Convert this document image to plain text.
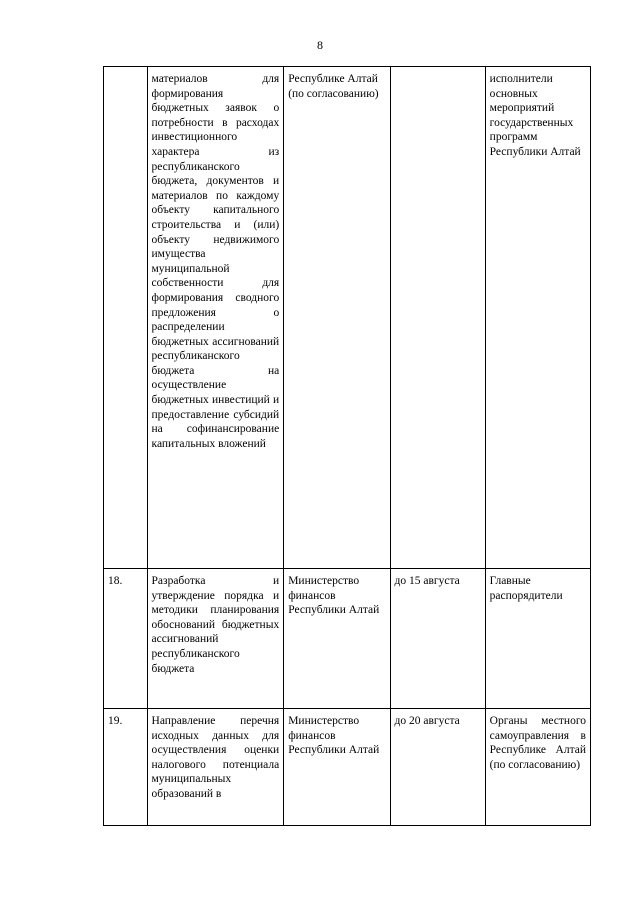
8

	материалов для формирования бюджетных заявок о потребности в расходах инвестиционного характера из республиканского бюджета, документов и материалов по каждому объекту капитального строительства и (или) объекту недвижимого имущества муниципальной собственности для формирования сводного предложения о распределении бюджетных ассигнований республиканского бюджета на осуществление бюджетных инвестиций и предоставление субсидий на софинансирование капитальных вложений	Республике Алтай (по согласованию)		исполнители основных мероприятий государственных программ Республики Алтай

18.	Разработка и утверждение порядка и методики планирования обоснований бюджетных ассигнований республиканского бюджета	Министерство финансов Республики Алтай	до 15 августа	Главные распорядители

19.	Направление перечня исходных данных для осуществления оценки налогового потенциала муниципальных образований в	Министерство финансов Республики Алтай	до 20 августа	Органы местного самоуправления в Республике Алтай (по согласованию)
